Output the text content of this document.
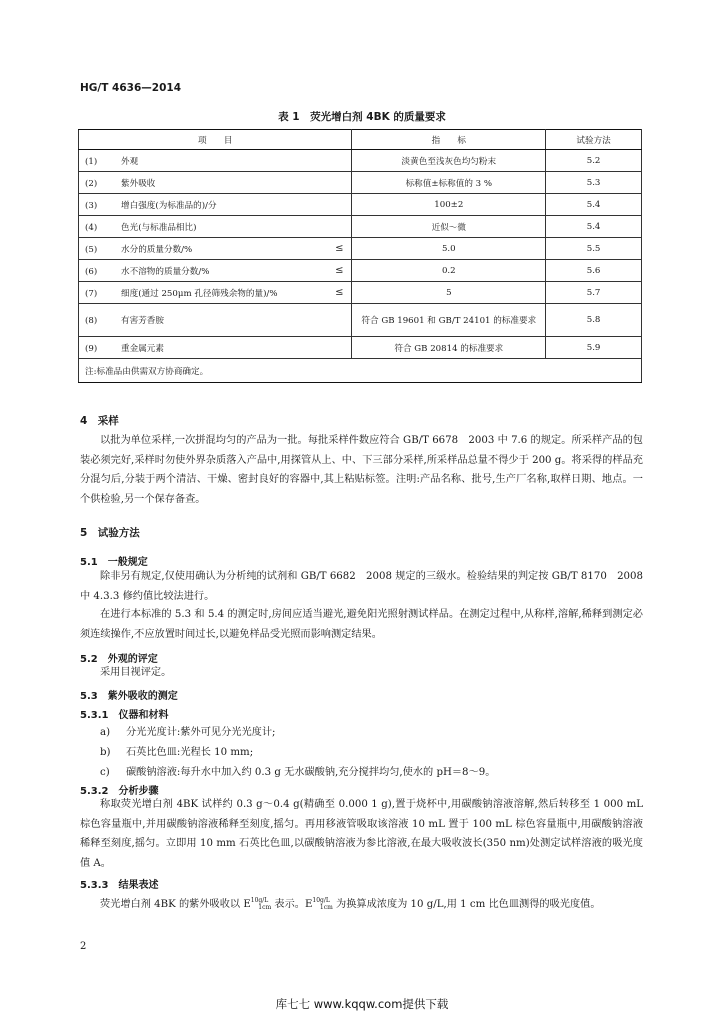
HG/T 4636—2014
表 1　荧光增白剂 4BK 的质量要求
项　　目	指　　标	试验方法
(1) 外观	淡黄色至浅灰色均匀粉末	5.2
(2) 紫外吸收	标称值±标称值的 3 %	5.3
(3) 增白强度(为标准品的)/分	100±2	5.4
(4) 色光(与标准品相比)	近似～微	5.4
(5) 水分的质量分数/% ≤	5.0	5.5
(6) 水不溶物的质量分数/% ≤	0.2	5.6
(7) 细度(通过 250μm 孔径筛残余物的量)/% ≤	5	5.7
(8) 有害芳香胺	符合 GB 19601 和 GB/T 24101 的标准要求	5.8
(9) 重金属元素	符合 GB 20814 的标准要求	5.9
注:标准品由供需双方协商确定。		
4　采样
以批为单位采样,一次拼混均匀的产品为一批。每批采样件数应符合 GB/T 6678　2003 中 7.6 的规定。所采样产品的包装必须完好,采样时勿使外界杂质落入产品中,用探管从上、中、下三部分采样,所采样品总量不得少于 200 g。将采得的样品充分混匀后,分装于两个清洁、干燥、密封良好的容器中,其上粘贴标签。注明:产品名称、批号,生产厂名称,取样日期、地点。一个供检验,另一个保存备查。
5　试验方法
5.1　一般规定
除非另有规定,仅使用确认为分析纯的试剂和 GB/T 6682　2008 规定的三级水。检验结果的判定按 GB/T 8170　2008 中 4.3.3 修约值比较法进行。
在进行本标准的 5.3 和 5.4 的测定时,房间应适当避光,避免阳光照射测试样品。在测定过程中,从称样,溶解,稀释到测定必须连续操作,不应放置时间过长,以避免样品受光照而影响测定结果。
5.2　外观的评定
采用目视评定。
5.3　紫外吸收的测定
5.3.1　仪器和材料
a) 分光光度计:紫外可见分光光度计;
b) 石英比色皿:光程长 10 mm;
c) 碳酸钠溶液:每升水中加入约 0.3 g 无水碳酸钠,充分搅拌均匀,使水的 pH＝8～9。
5.3.2　分析步骤
称取荧光增白剂 4BK 试样约 0.3 g～0.4 g(精确至 0.000 1 g),置于烧杯中,用碳酸钠溶液溶解,然后转移至 1 000 mL 棕色容量瓶中,并用碳酸钠溶液稀释至刻度,摇匀。再用移液管吸取该溶液 10 mL 置于 100 mL 棕色容量瓶中,用碳酸钠溶液稀释至刻度,摇匀。立即用 10 mm 石英比色皿,以碳酸钠溶液为参比溶液,在最大吸收波长(350 nm)处测定试样溶液的吸光度值 A。
5.3.3　结果表述
荧光增白剂 4BK 的紫外吸收以 $E^{10g/L}_{1cm}$ 表示。$E^{10g/L}_{1cm}$ 为换算成浓度为 10 g/L,用 1 cm 比色皿测得的吸光度值。
2
库七七 www.kqqw.com提供下载
